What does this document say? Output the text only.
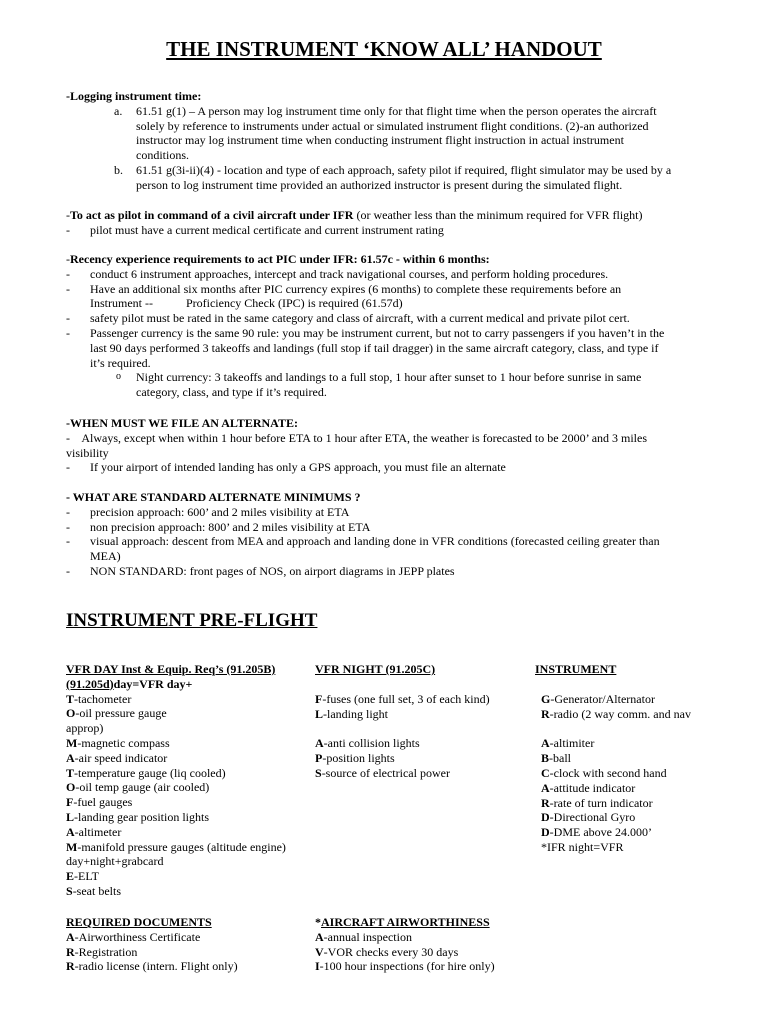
THE INSTRUMENT ‘KNOW ALL’ HANDOUT
-Logging instrument time:
a. 61.51 g(1) – A person may log instrument time only for that flight time when the person operates the aircraft
solely by reference to instruments under actual or simulated instrument flight conditions. (2)-an authorized
instructor may log instrument time when conducting instrument flight instruction in actual instrument
conditions.
b. 61.51 g(3i-ii)(4) - location and type of each approach, safety pilot if required, flight simulator may be used by a
person to log instrument time provided an authorized instructor is present during the simulated flight.
-To act as pilot in command of a civil aircraft under IFR (or weather less than the minimum required for VFR flight)
- pilot must have a current medical certificate and current instrument rating
-Recency experience requirements to act PIC under IFR: 61.57c - within 6 months:
- conduct 6 instrument approaches, intercept and track navigational courses, and perform holding procedures.
- Have an additional six months after PIC currency expires (6 months) to complete these requirements before an
Instrument --           Proficiency Check (IPC) is required (61.57d)
- safety pilot must be rated in the same category and class of aircraft, with a current medical and private pilot cert.
- Passenger currency is the same 90 rule: you may be instrument current, but not to carry passengers if you haven’t in the
last 90 days performed 3 takeoffs and landings (full stop if tail dragger) in the same aircraft category, class, and type if
it’s required.
o Night currency: 3 takeoffs and landings to a full stop, 1 hour after sunset to 1 hour before sunrise in same
category, class, and type if it’s required.
-WHEN MUST WE FILE AN ALTERNATE:
-    Always, except when within 1 hour before ETA to 1 hour after ETA, the weather is forecasted to be 2000’ and 3 miles
visibility
- If your airport of intended landing has only a GPS approach, you must file an alternate
- WHAT ARE STANDARD ALTERNATE MINIMUMS ?
- precision approach: 600’ and 2 miles visibility at ETA
- non precision approach: 800’ and 2 miles visibility at ETA
- visual approach: descent from MEA and approach and landing done in VFR conditions (forecasted ceiling greater than
MEA)
- NON STANDARD: front pages of NOS, on airport diagrams in JEPP plates
INSTRUMENT PRE-FLIGHT
VFR DAY Inst & Equip. Req’s (91.205B)
(91.205d)day=VFR day+
T-tachometer
O-oil pressure gauge
approp)
M-magnetic compass
A-air speed indicator
T-temperature gauge (liq cooled)
O-oil temp gauge (air cooled)
F-fuel gauges
L-landing gear position lights
A-altimeter
M-manifold pressure gauges (altitude engine)
day+night+grabcard
E-ELT
S-seat belts
VFR NIGHT (91.205C)
F-fuses (one full set, 3 of each kind)
L-landing light
A-anti collision lights
P-position lights
S-source of electrical power
INSTRUMENT
G-Generator/Alternator
R-radio (2 way comm. and nav
A-altimiter
B-ball
C-clock with second hand
A-attitude indicator
R-rate of turn indicator
D-Directional Gyro
D-DME above 24.000’
*IFR night=VFR
REQUIRED DOCUMENTS
A-Airworthiness Certificate
R-Registration
R-radio license (intern. Flight only)
*AIRCRAFT AIRWORTHINESS
A-annual inspection
V-VOR checks every 30 days
I-100 hour inspections (for hire only)
